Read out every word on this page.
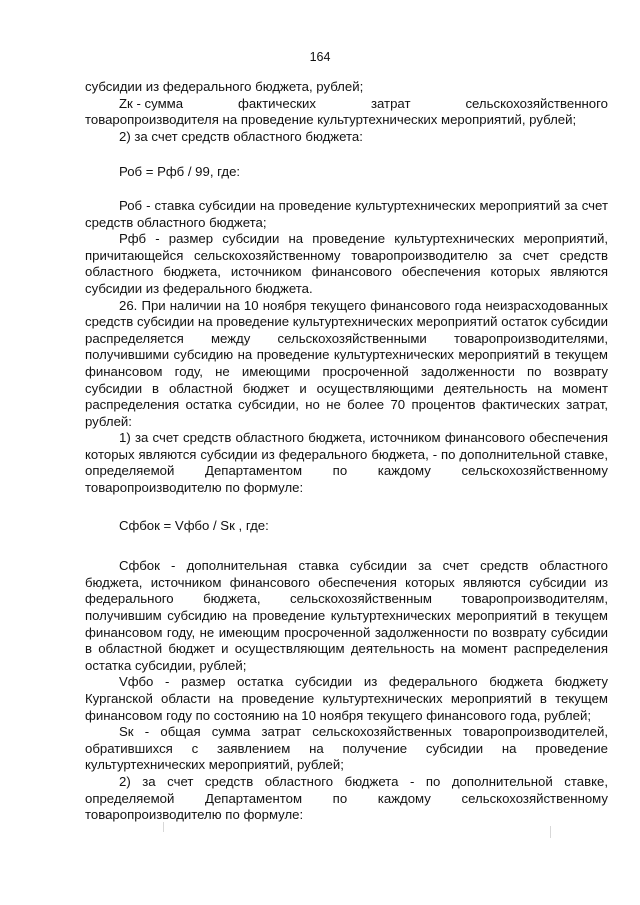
164

субсидии из федерального бюджета, рублей;

Zк - сумма	фактических	затрат	сельскохозяйственного

товаропроизводителя на проведение культуртехнических мероприятий, рублей;

2) за счет средств областного бюджета:

Роб = Рфб / 99, где:

Роб - ставка субсидии на проведение культуртехнических мероприятий за счет средств областного бюджета;

Рфб - размер субсидии на проведение культуртехнических мероприятий, причитающейся сельскохозяйственному товаропроизводителю за счет средств областного бюджета, источником финансового обеспечения которых являются субсидии из федерального бюджета.

26. При наличии на 10 ноября текущего финансового года неизрасходованных средств субсидии на проведение культуртехнических мероприятий остаток субсидии распределяется между сельскохозяйственными товаропроизводителями, получившими субсидию на проведение культуртехнических мероприятий в текущем финансовом году, не имеющими просроченной задолженности по возврату субсидии в областной бюджет и осуществляющими деятельность на момент распределения остатка субсидии, но не более 70 процентов фактических затрат, рублей:

1) за счет средств областного бюджета, источником финансового обеспечения которых являются субсидии из федерального бюджета, - по дополнительной ставке, определяемой Департаментом по каждому сельскохозяйственному товаропроизводителю по формуле:

Сфбок = Vфбо / Sк , где:

Сфбок - дополнительная ставка субсидии за счет средств областного бюджета, источником финансового обеспечения которых являются субсидии из федерального бюджета, сельскохозяйственным товаропроизводителям, получившим субсидию на проведение культуртехнических мероприятий в текущем финансовом году, не имеющим просроченной задолженности по возврату субсидии в областной бюджет и осуществляющим деятельность на момент распределения остатка субсидии, рублей;

Vфбо - размер остатка субсидии из федерального бюджета бюджету Курганской области на проведение культуртехнических мероприятий в текущем финансовом году по состоянию на 10 ноября текущего финансового года, рублей;

Sк - общая сумма затрат сельскохозяйственных товаропроизводителей, обратившихся с заявлением на получение субсидии на проведение культуртехнических мероприятий, рублей;

2) за счет средств областного бюджета - по дополнительной ставке, определяемой Департаментом по каждому сельскохозяйственному товаропроизводителю по формуле:
